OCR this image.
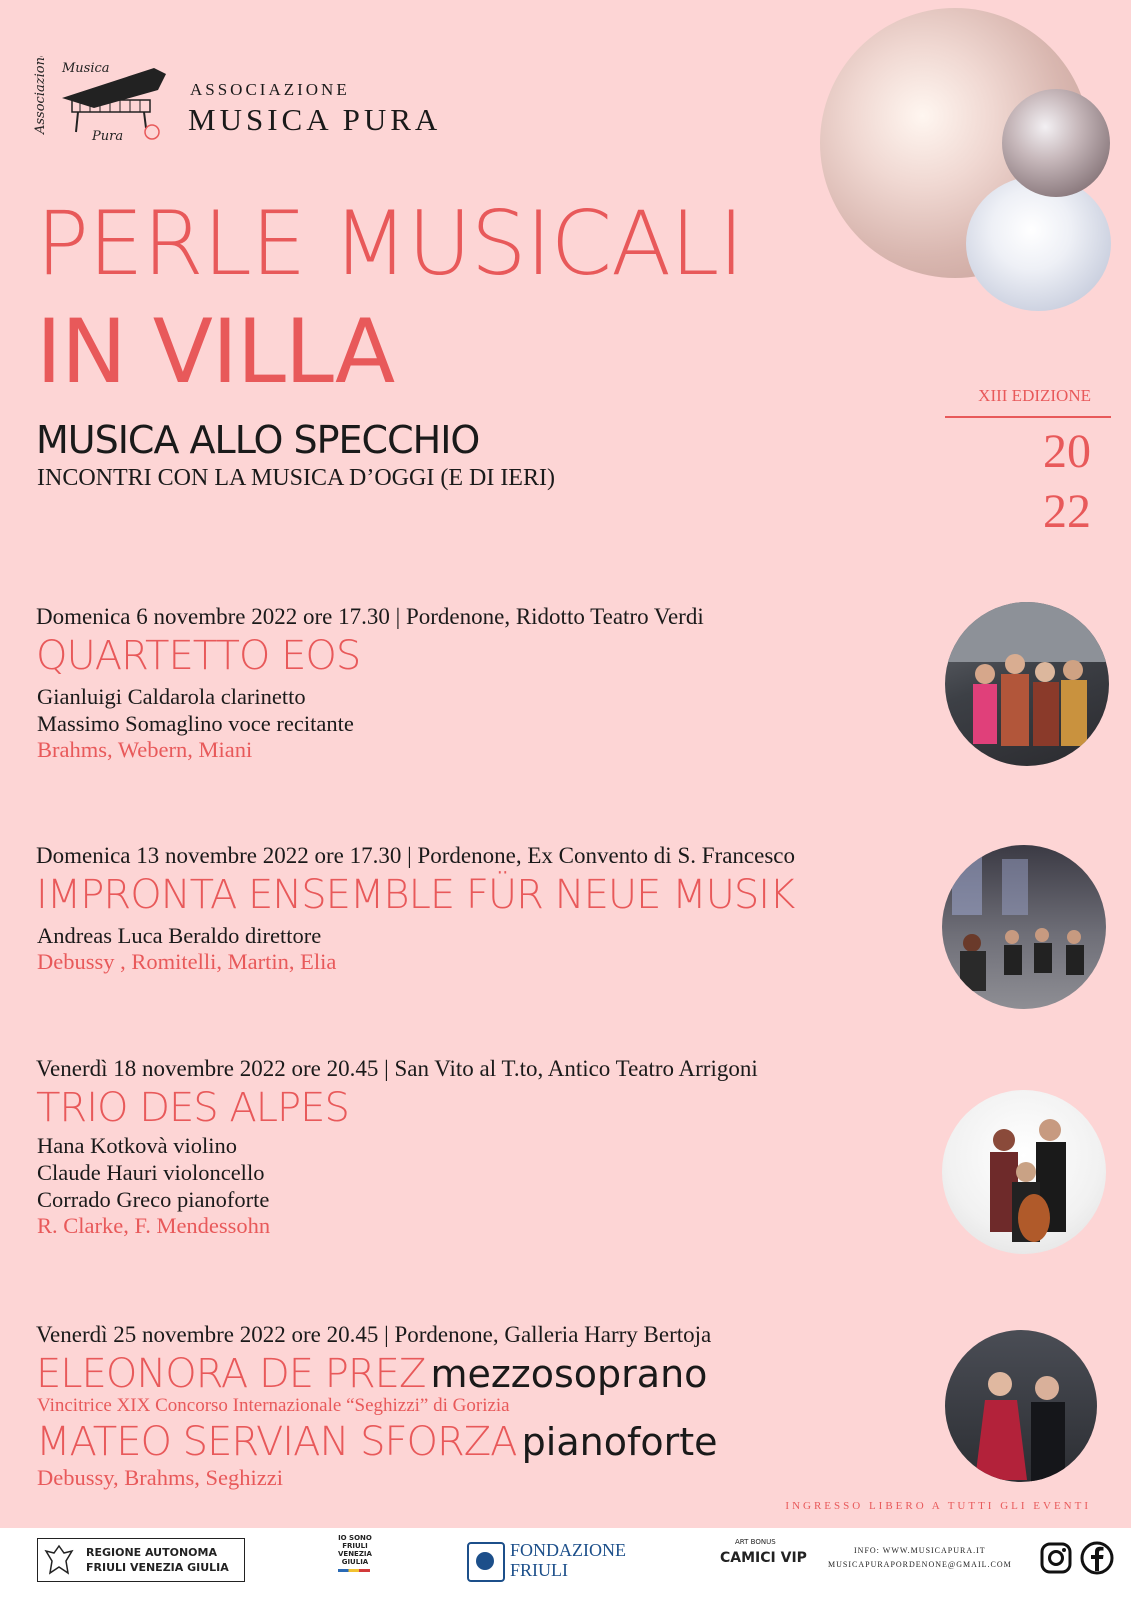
Associazione Musica
Pura
ASSOCIAZIONE
MUSICA PURA
PERLE MUSICALI
IN VILLA
MUSICA ALLO SPECCHIO
INCONTRI CON LA MUSICA D’OGGI (E DI IERI)
XIII EDIZIONE
20
22
Domenica 6 novembre 2022 ore 17.30 | Pordenone, Ridotto Teatro Verdi
QUARTETTO EOS
Gianluigi Caldarola clarinetto
Massimo Somaglino voce recitante
Brahms, Webern, Miani
Domenica 13 novembre 2022 ore 17.30 | Pordenone, Ex Convento di S. Francesco
IMPRONTA ENSEMBLE FÜR NEUE MUSIK
Andreas Luca Beraldo direttore
Debussy , Romitelli, Martin, Elia
Venerdì 18 novembre 2022 ore 20.45 | San Vito al T.to, Antico Teatro Arrigoni
TRIO DES ALPES
Hana Kotkovà violino
Claude Hauri violoncello
Corrado Greco pianoforte
R. Clarke, F. Mendessohn
Venerdì 25 novembre 2022 ore 20.45 | Pordenone, Galleria Harry Bertoja
ELEONORA DE PREZ mezzosoprano
Vincitrice XIX Concorso Internazionale “Seghizzi” di Gorizia
MATEO SERVIAN SFORZA pianoforte
Debussy, Brahms, Seghizzi
INGRESSO LIBERO A TUTTI GLI EVENTI
REGIONE AUTONOMA
FRIULI VENEZIA GIULIA
IO SONO
FRIULI
VENEZIA
GIULIA
FONDAZIONE
FRIULI
ART BONUS
CAMICI VIP	INFO: WWW.MUSICAPURA.IT
MUSICAPURAPORDENONE@GMAIL.COM
